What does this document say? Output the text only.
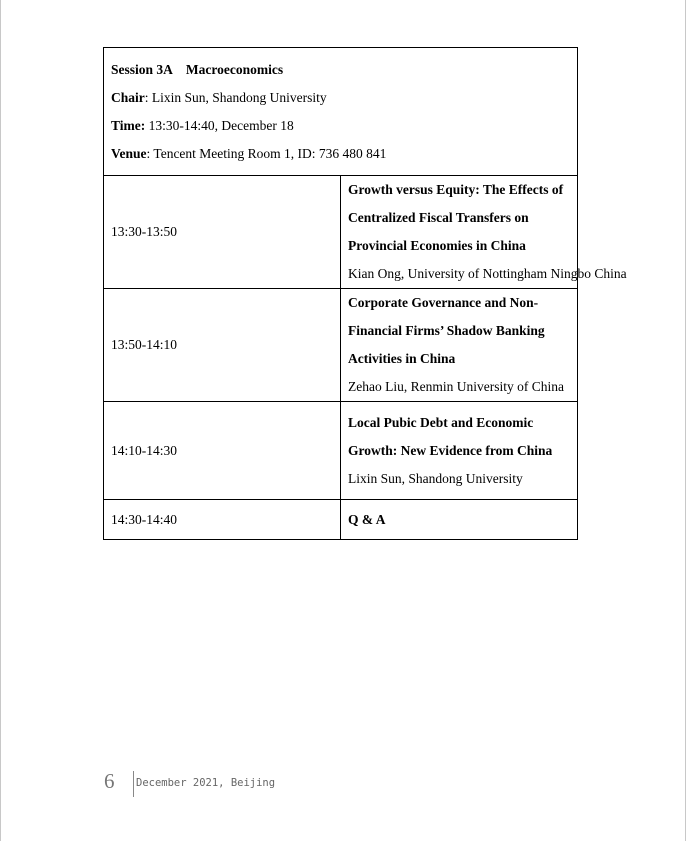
Session 3A Macroeconomics
Chair: Lixin Sun, Shandong University
Time: 13:30-14:40, December 18
Venue: Tencent Meeting Room 1, ID: 736 480 841	

13:30-13:50	Growth versus Equity: The Effects of Centralized Fiscal Transfers on Provincial Economies in China
Kian Ong, University of Nottingham Ningbo China

13:50-14:10	Corporate Governance and Non-Financial Firms’ Shadow Banking Activities in China
Zehao Liu, Renmin University of China

14:10-14:30	Local Pubic Debt and Economic Growth: New Evidence from China
Lixin Sun, Shandong University

14:30-14:40	Q & A
6 December 2021, Beijing
